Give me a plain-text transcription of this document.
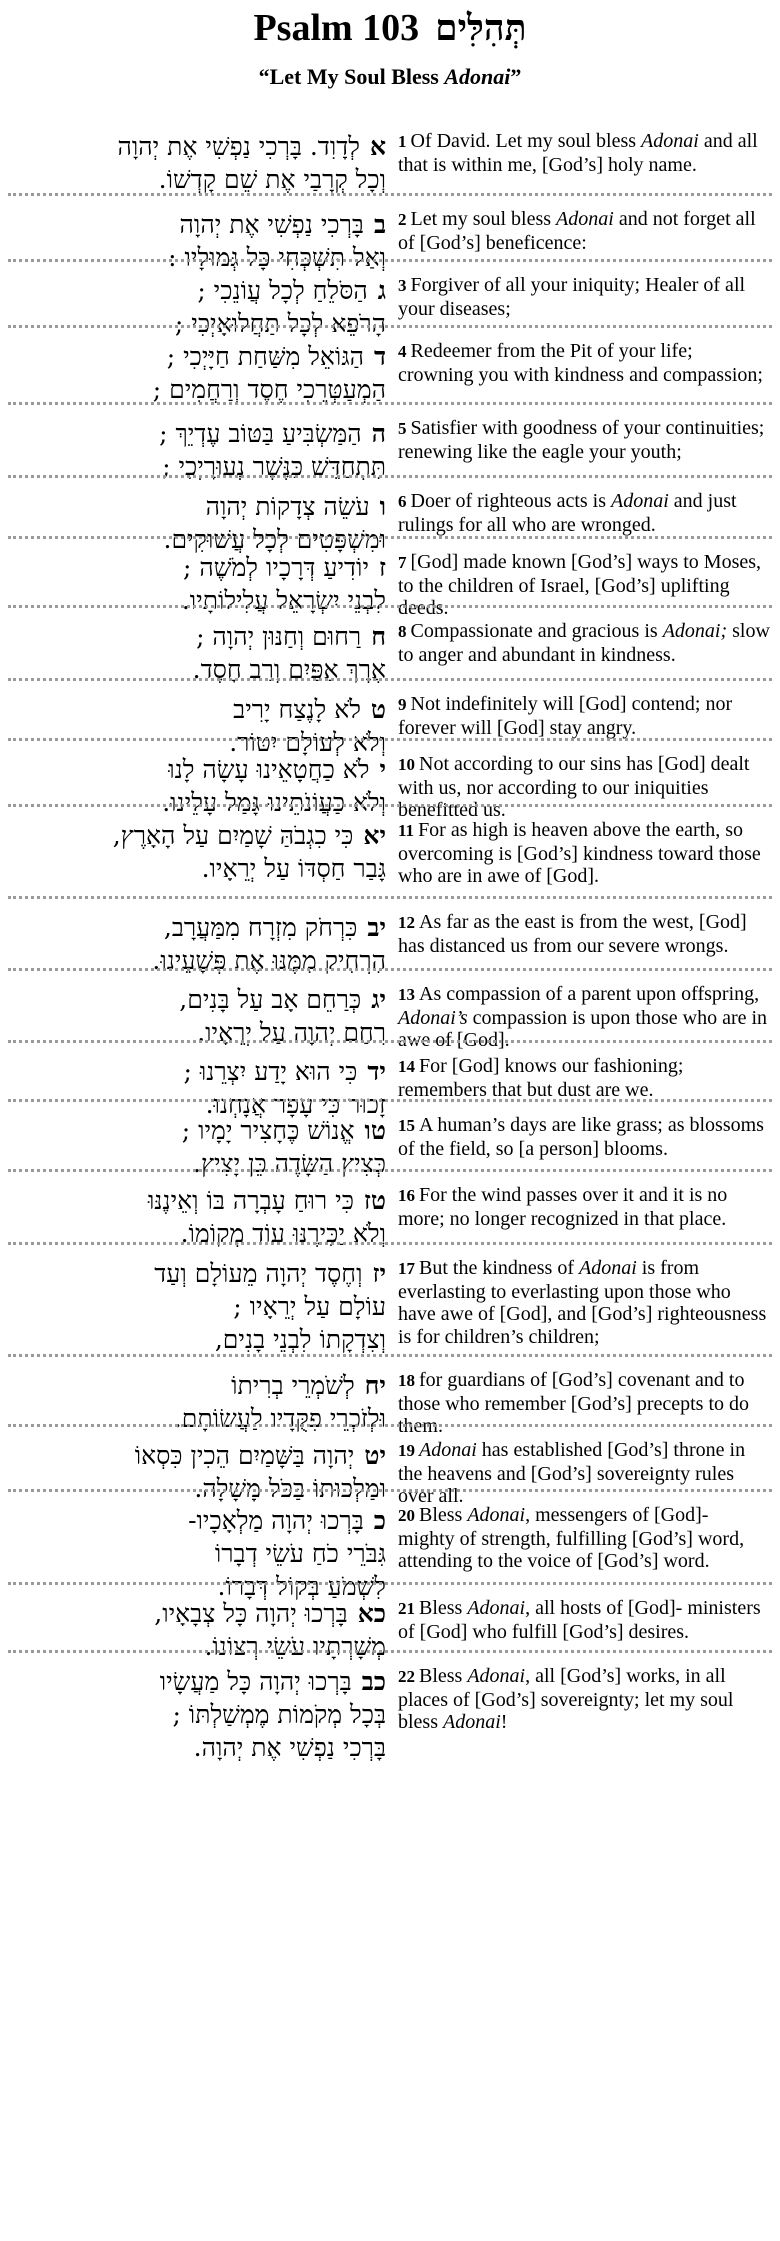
Psalm 103 תְּהִלִּים
“Let My Soul Bless Adonai”
אלְדָוִד. בָּרְכִי נַפְשִׁי אֶת יְהוָה
וְכָל קְרָבַי אֶת שֵׁם קָדְשׁוֹ.
1 Of David. Let my soul bless Adonai and all that is within me, [God’s] holy name.
בבָּרְכִי נַפְשִׁי אֶת יְהוָה
וְאַל תִּשְׁכְּחִי כָּל גְּמוּלָיו :
2 Let my soul bless Adonai and not forget all of [God’s] beneficence:
גהַסֹּלֵחַ לְכָל עֲוֹנֵכִי ;
הָרֹפֵא לְכָל תַּחֲלוּאָיְכִי ;
3 Forgiver of all your iniquity; Healer of all your diseases;
דהַגּוֹאֵל מִשַּׁחַת חַיָּיְכִי ;
הַמְעַטְּרֵכִי חֶסֶד וְרַחֲמִים ;
4 Redeemer from the Pit of your life; crowning you with kindness and compassion;
ההַמַּשְׂבִּיעַ בַּטּוֹב עֶדְיֵךְ ;
תִּתְחַדֵּשׁ כַּנֶּשֶׁר נְעוּרָיְכִי ;
5 Satisfier with goodness of your continuities; renewing like the eagle your youth;
ועֹשֵׂה צְדָקוֹת יְהוָה
וּמִשְׁפָּטִים לְכָל עֲשׁוּקִים.
6 Doer of righteous acts is Adonai and just rulings for all who are wronged.
זיוֹדִיעַ דְּרָכָיו לְמֹשֶׁה ;
לִבְנֵי יִשְׂרָאֵל עֲלִילוֹתָיו.
7 [God] made known [God’s] ways to Moses, to the children of Israel, [God’s] uplifting deeds.
חרַחוּם וְחַנּוּן יְהוָה ;
אֶרֶךְ אַפַּיִם וְרַב חָסֶד.
8 Compassionate and gracious is Adonai; slow to anger and abundant in kindness.
טלֹא לָנֶצַח יָרִיב
וְלֹא לְעוֹלָם יִטּוֹר.
9 Not indefinitely will [God] contend; nor forever will [God] stay angry.
ילֹא כַחֲטָאֵינוּ עָשָׂה לָנוּ
וְלֹא כַעֲוֹנֹתֵינוּ גָּמַל עָלֵינוּ.
10 Not according to our sins has [God] dealt with us, nor according to our iniquities benefitted us.
יאכִּי כִגְבֹהַּ שָׁמַיִם עַל הָאָרֶץ,
גָּבַר חַסְדּוֹ עַל יְרֵאָיו.
11 For as high is heaven above the earth, so overcoming is [God’s] kindness toward those who are in awe of [God].
יבכִּרְחֹק מִזְרָח מִמַּעֲרָב,
הִרְחִיק מִמֶּנּוּ אֶת פְּשָׁעֵינוּ.
12 As far as the east is from the west, [God] has distanced us from our severe wrongs.
יגכְּרַחֵם אָב עַל בָּנִים,
רִחַם יְהוָה עַל יְרֵאָיו.
13 As compassion of a parent upon offspring, Adonai’s compassion is upon those who are in awe of [God].
ידכִּי הוּא יָדַע יִצְרֵנוּ ;
זָכוּר כִּי עָפָר אֲנָחְנוּ.
14 For [God] knows our fashioning; remembers that but dust are we.
טואֱנוֹשׁ כֶּחָצִיר יָמָיו ;
כְּצִיץ הַשָּׂדֶה כֵּן יָצִיץ.
15 A human’s days are like grass; as blossoms of the field, so [a person] blooms.
טזכִּי רוּחַ עָבְרָה בּוֹ וְאֵינֶנּוּ
וְלֹא יַכִּירֶנּוּ עוֹד מְקוֹמוֹ.
16 For the wind passes over it and it is no more; no longer recognized in that place.
יזוְחֶסֶד יְהוָה מֵעוֹלָם וְעַד
עוֹלָם עַל יְרֵאָיו ;
וְצִדְקָתוֹ לִבְנֵי בָנִים,
17 But the kindness of Adonai is from everlasting to everlasting upon those who have awe of [God], and [God’s] righteousness is for children’s children;
יחלְשֹׁמְרֵי בְרִיתוֹ
וּלְזֹכְרֵי פִקֻּדָיו לַעֲשׂוֹתָם.
18 for guardians of [God’s] covenant and to those who remember [God’s] precepts to do them.
יטיְהוָה בַּשָּׁמַיִם הֵכִין כִּסְאוֹ
וּמַלְכוּתוֹ בַּכֹּל מָשָׁלָה.
19 Adonai has established [God’s] throne in the heavens and [God’s] sovereignty rules over all.
כבָּרְכוּ יְהוָה מַלְאָכָיו-
גִּבֹּרֵי כֹחַ עֹשֵׂי דְבָרוֹ
לִשְׁמֹעַ בְּקוֹל דְּבָרוֹ.
20 Bless Adonai, messengers of [God]- mighty of strength, fulfilling [God’s] word, attending to the voice of [God’s] word.
כאבָּרְכוּ יְהוָה כָּל צְבָאָיו,
מְשָׁרְתָיו עֹשֵׂי רְצוֹנוֹ.
21 Bless Adonai, all hosts of [God]- ministers of [God] who fulfill [God’s] desires.
כבבָּרְכוּ יְהוָה כָּל מַעֲשָׂיו
בְּכָל מְקֹמוֹת מֶמְשַׁלְתּוֹ ;
בָּרְכִי נַפְשִׁי אֶת יְהוָה.
22 Bless Adonai, all [God’s] works, in all places of [God’s] sovereignty; let my soul bless Adonai!
